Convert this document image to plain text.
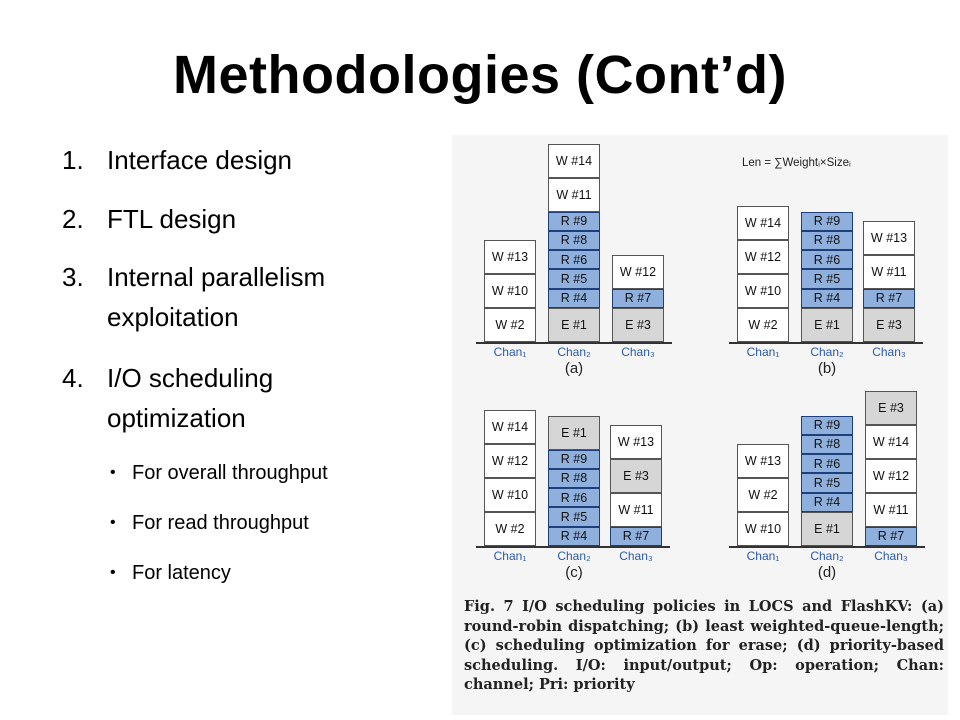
Methodologies (Cont’d)
1. Interface design
2. FTL design
3. Internal parallelism exploitation
4. I/O scheduling optimization
• For overall throughput
• For read throughput
• For latency
Len = ∑Weightᵢ×Sizeᵢ
W #2
W #10
W #13
Chan₁
E #1
R #4
R #5
R #6
R #8
R #9
W #11
W #14
Chan₂
E #3
R #7
W #12
Chan₃
(a)
W #2
W #10
W #12
W #14
Chan₁
E #1
R #4
R #5
R #6
R #8
R #9
Chan₂
E #3
R #7
W #11
W #13
Chan₃
(b)
W #2
W #10
W #12
W #14
Chan₁
R #4
R #5
R #6
R #8
R #9
E #1
Chan₂
R #7
W #11
E #3
W #13
Chan₃
(c)
W #10
W #2
W #13
Chan₁
E #1
R #4
R #5
R #6
R #8
R #9
Chan₂
R #7
W #11
W #12
W #14
E #3
Chan₃
(d)
Fig. 7 I/O scheduling policies in LOCS and FlashKV: (a) round-robin dispatching; (b) least weighted-queue-length; (c) scheduling optimization for erase; (d) priority-based scheduling. I/O: input/output; Op: operation; Chan: channel; Pri: priority
